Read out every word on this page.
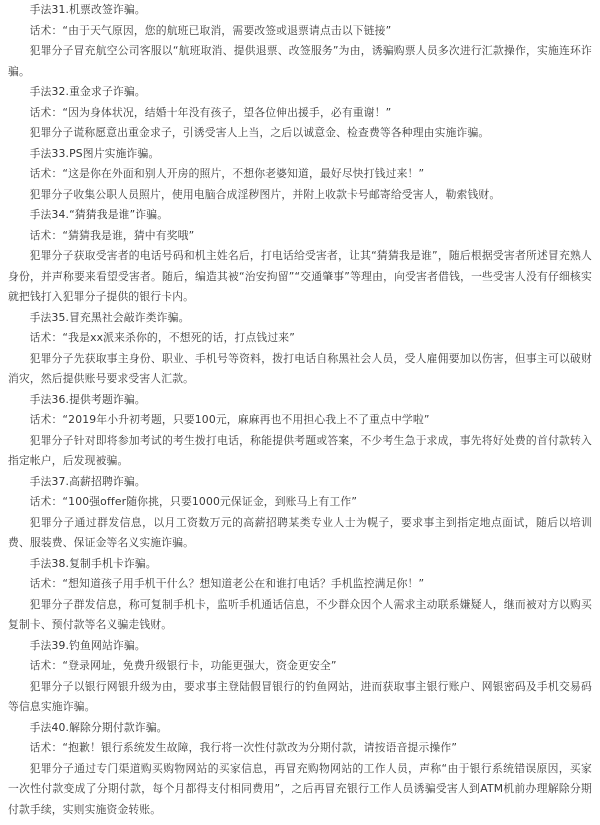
手法31.机票改签诈骗。

话术：“由于天气原因，您的航班已取消，需要改签或退票请点击以下链接”

犯罪分子冒充航空公司客服以“航班取消、提供退票、改签服务”为由，诱骗购票人员多次进行汇款操作，实施连环诈骗。

手法32.重金求子诈骗。

话术：“因为身体状况，结婚十年没有孩子，望各位伸出援手，必有重谢！”

犯罪分子谎称愿意出重金求子，引诱受害人上当，之后以诚意金、检查费等各种理由实施诈骗。

手法33.PS图片实施诈骗。

话术：“这是你在外面和别人开房的照片，不想你老婆知道，最好尽快打钱过来！”

犯罪分子收集公职人员照片，使用电脑合成淫秽图片，并附上收款卡号邮寄给受害人，勒索钱财。

手法34.“猜猜我是谁”诈骗。

话术：“猜猜我是谁，猜中有奖哦”

犯罪分子获取受害者的电话号码和机主姓名后，打电话给受害者，让其“猜猜我是谁”，随后根据受害者所述冒充熟人身份，并声称要来看望受害者。随后，编造其被“治安拘留”“交通肇事”等理由，向受害者借钱，一些受害人没有仔细核实就把钱打入犯罪分子提供的银行卡内。

手法35.冒充黑社会敲诈类诈骗。

话术：“我是xx派来杀你的，不想死的话，打点钱过来”

犯罪分子先获取事主身份、职业、手机号等资料，拨打电话自称黑社会人员，受人雇佣要加以伤害，但事主可以破财消灾，然后提供账号要求受害人汇款。

手法36.提供考题诈骗。

话术：“2019年小升初考题，只要100元，麻麻再也不用担心我上不了重点中学啦”

犯罪分子针对即将参加考试的考生拨打电话，称能提供考题或答案，不少考生急于求成，事先将好处费的首付款转入指定帐户，后发现被骗。

手法37.高薪招聘诈骗。

话术：“100强offer随你挑，只要1000元保证金，到账马上有工作”

犯罪分子通过群发信息，以月工资数万元的高薪招聘某类专业人士为幌子，要求事主到指定地点面试，随后以培训费、服装费、保证金等名义实施诈骗。

手法38.复制手机卡诈骗。

话术：“想知道孩子用手机干什么？想知道老公在和谁打电话？手机监控满足你！”

犯罪分子群发信息，称可复制手机卡，监听手机通话信息，不少群众因个人需求主动联系嫌疑人，继而被对方以购买复制卡、预付款等名义骗走钱财。

手法39.钓鱼网站诈骗。

话术：“登录网址，免费升级银行卡，功能更强大，资金更安全”

犯罪分子以银行网银升级为由，要求事主登陆假冒银行的钓鱼网站，进而获取事主银行账户、网银密码及手机交易码等信息实施诈骗。

手法40.解除分期付款诈骗。

话术：“抱歉！银行系统发生故障，我行将一次性付款改为分期付款，请按语音提示操作”

犯罪分子通过专门渠道购买购物网站的买家信息，再冒充购物网站的工作人员，声称“由于银行系统错误原因，买家一次性付款变成了分期付款，每个月都得支付相同费用”，之后再冒充银行工作人员诱骗受害人到ATM机前办理解除分期付款手续，实则实施资金转账。
